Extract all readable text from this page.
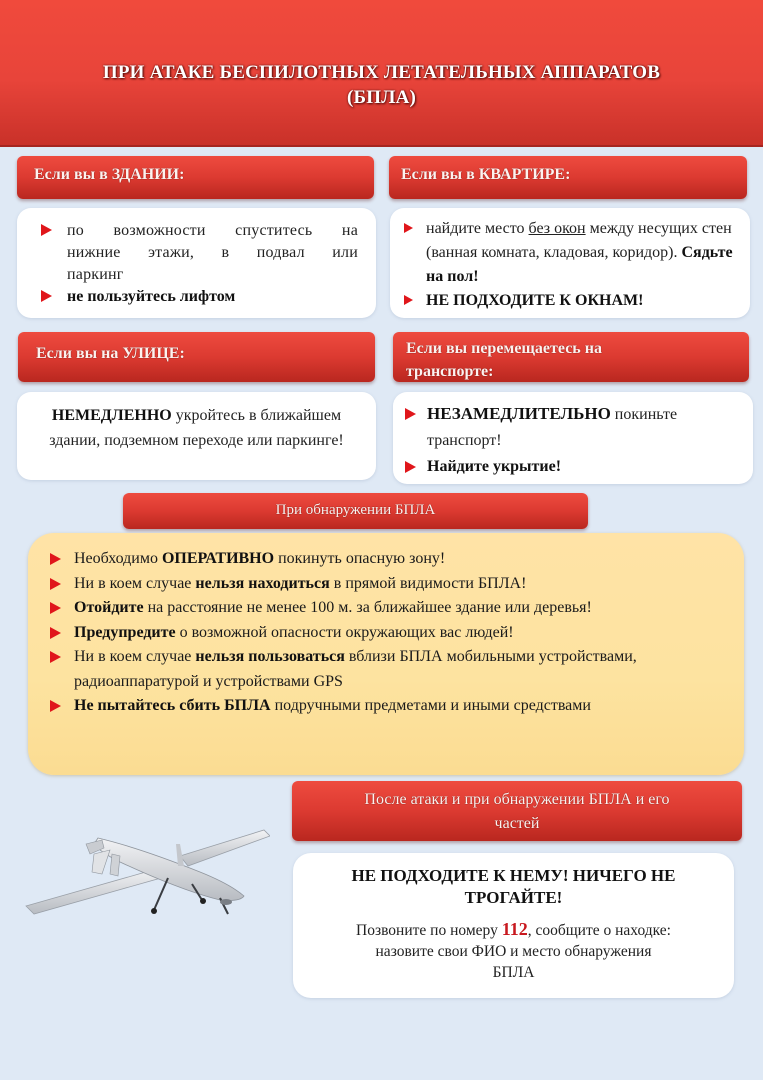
ПРИ АТАКЕ БЕСПИЛОТНЫХ ЛЕТАТЕЛЬНЫХ АППАРАТОВ
(БПЛА)
Если вы в ЗДАНИИ:
по возможности спуститесь на нижние этажи, в подвал или паркинг
не пользуйтесь лифтом
Если вы в КВАРТИРЕ:
найдите место без окон между несущих стен (ванная комната, кладовая, коридор). Сядьте на пол!
НЕ ПОДХОДИТЕ К ОКНАМ!
Если вы на УЛИЦЕ:
НЕМЕДЛЕННО укройтесь в ближайшем здании, подземном переходе или паркинге!
Если вы перемещаетесь на
транспорте:
НЕЗАМЕДЛИТЕЛЬНО покиньте транспорт!
Найдите укрытие!
При обнаружении БПЛА
Необходимо ОПЕРАТИВНО покинуть опасную зону!
Ни в коем случае нельзя находиться в прямой видимости БПЛА!
Отойдите на расстояние не менее 100 м. за ближайшее здание или деревья!
Предупредите о возможной опасности окружающих вас людей!
Ни в коем случае нельзя пользоваться вблизи БПЛА мобильными устройствами, радиоаппаратурой и устройствами GPS
Не пытайтесь сбить БПЛА подручными предметами и иными средствами
После атаки и при обнаружении БПЛА и его
частей
НЕ ПОДХОДИТЕ К НЕМУ! НИЧЕГО НЕ
ТРОГАЙТЕ!
Позвоните по номеру 112, сообщите о находке:
назовите свои ФИО и место обнаружения
БПЛА
